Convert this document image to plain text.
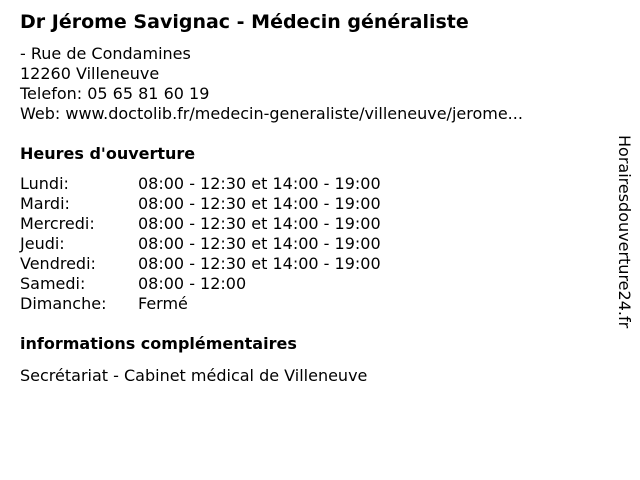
Dr Jérome Savignac - Médecin généraliste
- Rue de Condamines
12260 Villeneuve
Telefon: 05 65 81 60 19
Web: www.doctolib.fr/medecin-generaliste/villeneuve/jerome...
Heures d'ouverture
Lundi:	08:00 - 12:30 et 14:00 - 19:00
Mardi:	08:00 - 12:30 et 14:00 - 19:00
Mercredi:	08:00 - 12:30 et 14:00 - 19:00
Jeudi:	08:00 - 12:30 et 14:00 - 19:00
Vendredi:	08:00 - 12:30 et 14:00 - 19:00
Samedi:	08:00 - 12:00
Dimanche:	Fermé
informations complémentaires
Secrétariat - Cabinet médical de Villeneuve
Horairesdouverture24.fr
